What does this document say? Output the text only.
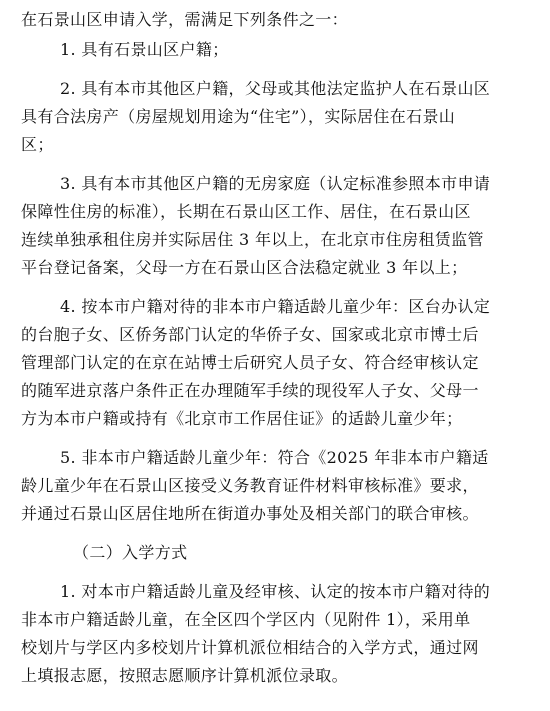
在石景山区申请入学，需满足下列条件之一：
1. 具有石景山区户籍；
2. 具有本市其他区户籍，父母或其他法定监护人在石景山区
具有合法房产（房屋规划用途为“住宅”），实际居住在石景山
区；
3. 具有本市其他区户籍的无房家庭（认定标准参照本市申请
保障性住房的标准），长期在石景山区工作、居住，在石景山区
连续单独承租住房并实际居住 3 年以上，在北京市住房租赁监管
平台登记备案，父母一方在石景山区合法稳定就业 3 年以上；
4. 按本市户籍对待的非本市户籍适龄儿童少年：区台办认定
的台胞子女、区侨务部门认定的华侨子女、国家或北京市博士后
管理部门认定的在京在站博士后研究人员子女、符合经审核认定
的随军进京落户条件正在办理随军手续的现役军人子女、父母一
方为本市户籍或持有《北京市工作居住证》的适龄儿童少年；
5. 非本市户籍适龄儿童少年：符合《2025 年非本市户籍适
龄儿童少年在石景山区接受义务教育证件材料审核标准》要求，
并通过石景山区居住地所在街道办事处及相关部门的联合审核。
（二）入学方式
1. 对本市户籍适龄儿童及经审核、认定的按本市户籍对待的
非本市户籍适龄儿童，在全区四个学区内（见附件 1），采用单
校划片与学区内多校划片计算机派位相结合的入学方式，通过网
上填报志愿，按照志愿顺序计算机派位录取。
